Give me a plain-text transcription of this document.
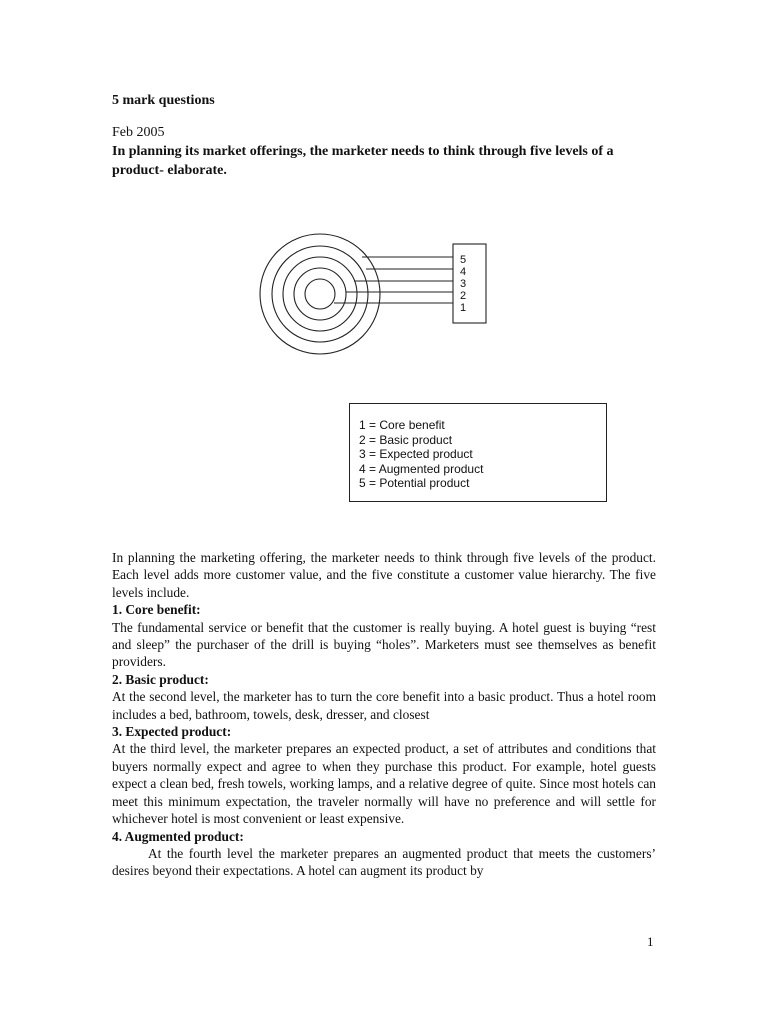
5 mark questions
Feb 2005
In planning its market offerings, the marketer needs to think through five levels of a product- elaborate.
5
4
3
2
1
1 = Core benefit
2 = Basic product
3 = Expected product
4 = Augmented product
5 = Potential product

In planning the marketing offering, the marketer needs to think through five levels of the product. Each level adds more customer value, and the five constitute a customer value hierarchy. The five levels include.

1. Core benefit:

The fundamental service or benefit that the customer is really buying. A hotel guest is buying “rest and sleep” the purchaser of the drill is buying “holes”. Marketers must see themselves as benefit providers.

2. Basic product:

At the second level, the marketer has to turn the core benefit into a basic product. Thus a hotel room includes a bed, bathroom, towels, desk, dresser, and closest

3. Expected product:

At the third level, the marketer prepares an expected product, a set of attributes and conditions that buyers normally expect and agree to when they purchase this product. For example, hotel guests expect a clean bed, fresh towels, working lamps, and a relative degree of quite. Since most hotels can meet this minimum expectation, the traveler normally will have no preference and will settle for whichever hotel is most convenient or least expensive.

4. Augmented product:

At the fourth level the marketer prepares an augmented product that meets the customers’ desires beyond their expectations. A hotel can augment its product by

1
